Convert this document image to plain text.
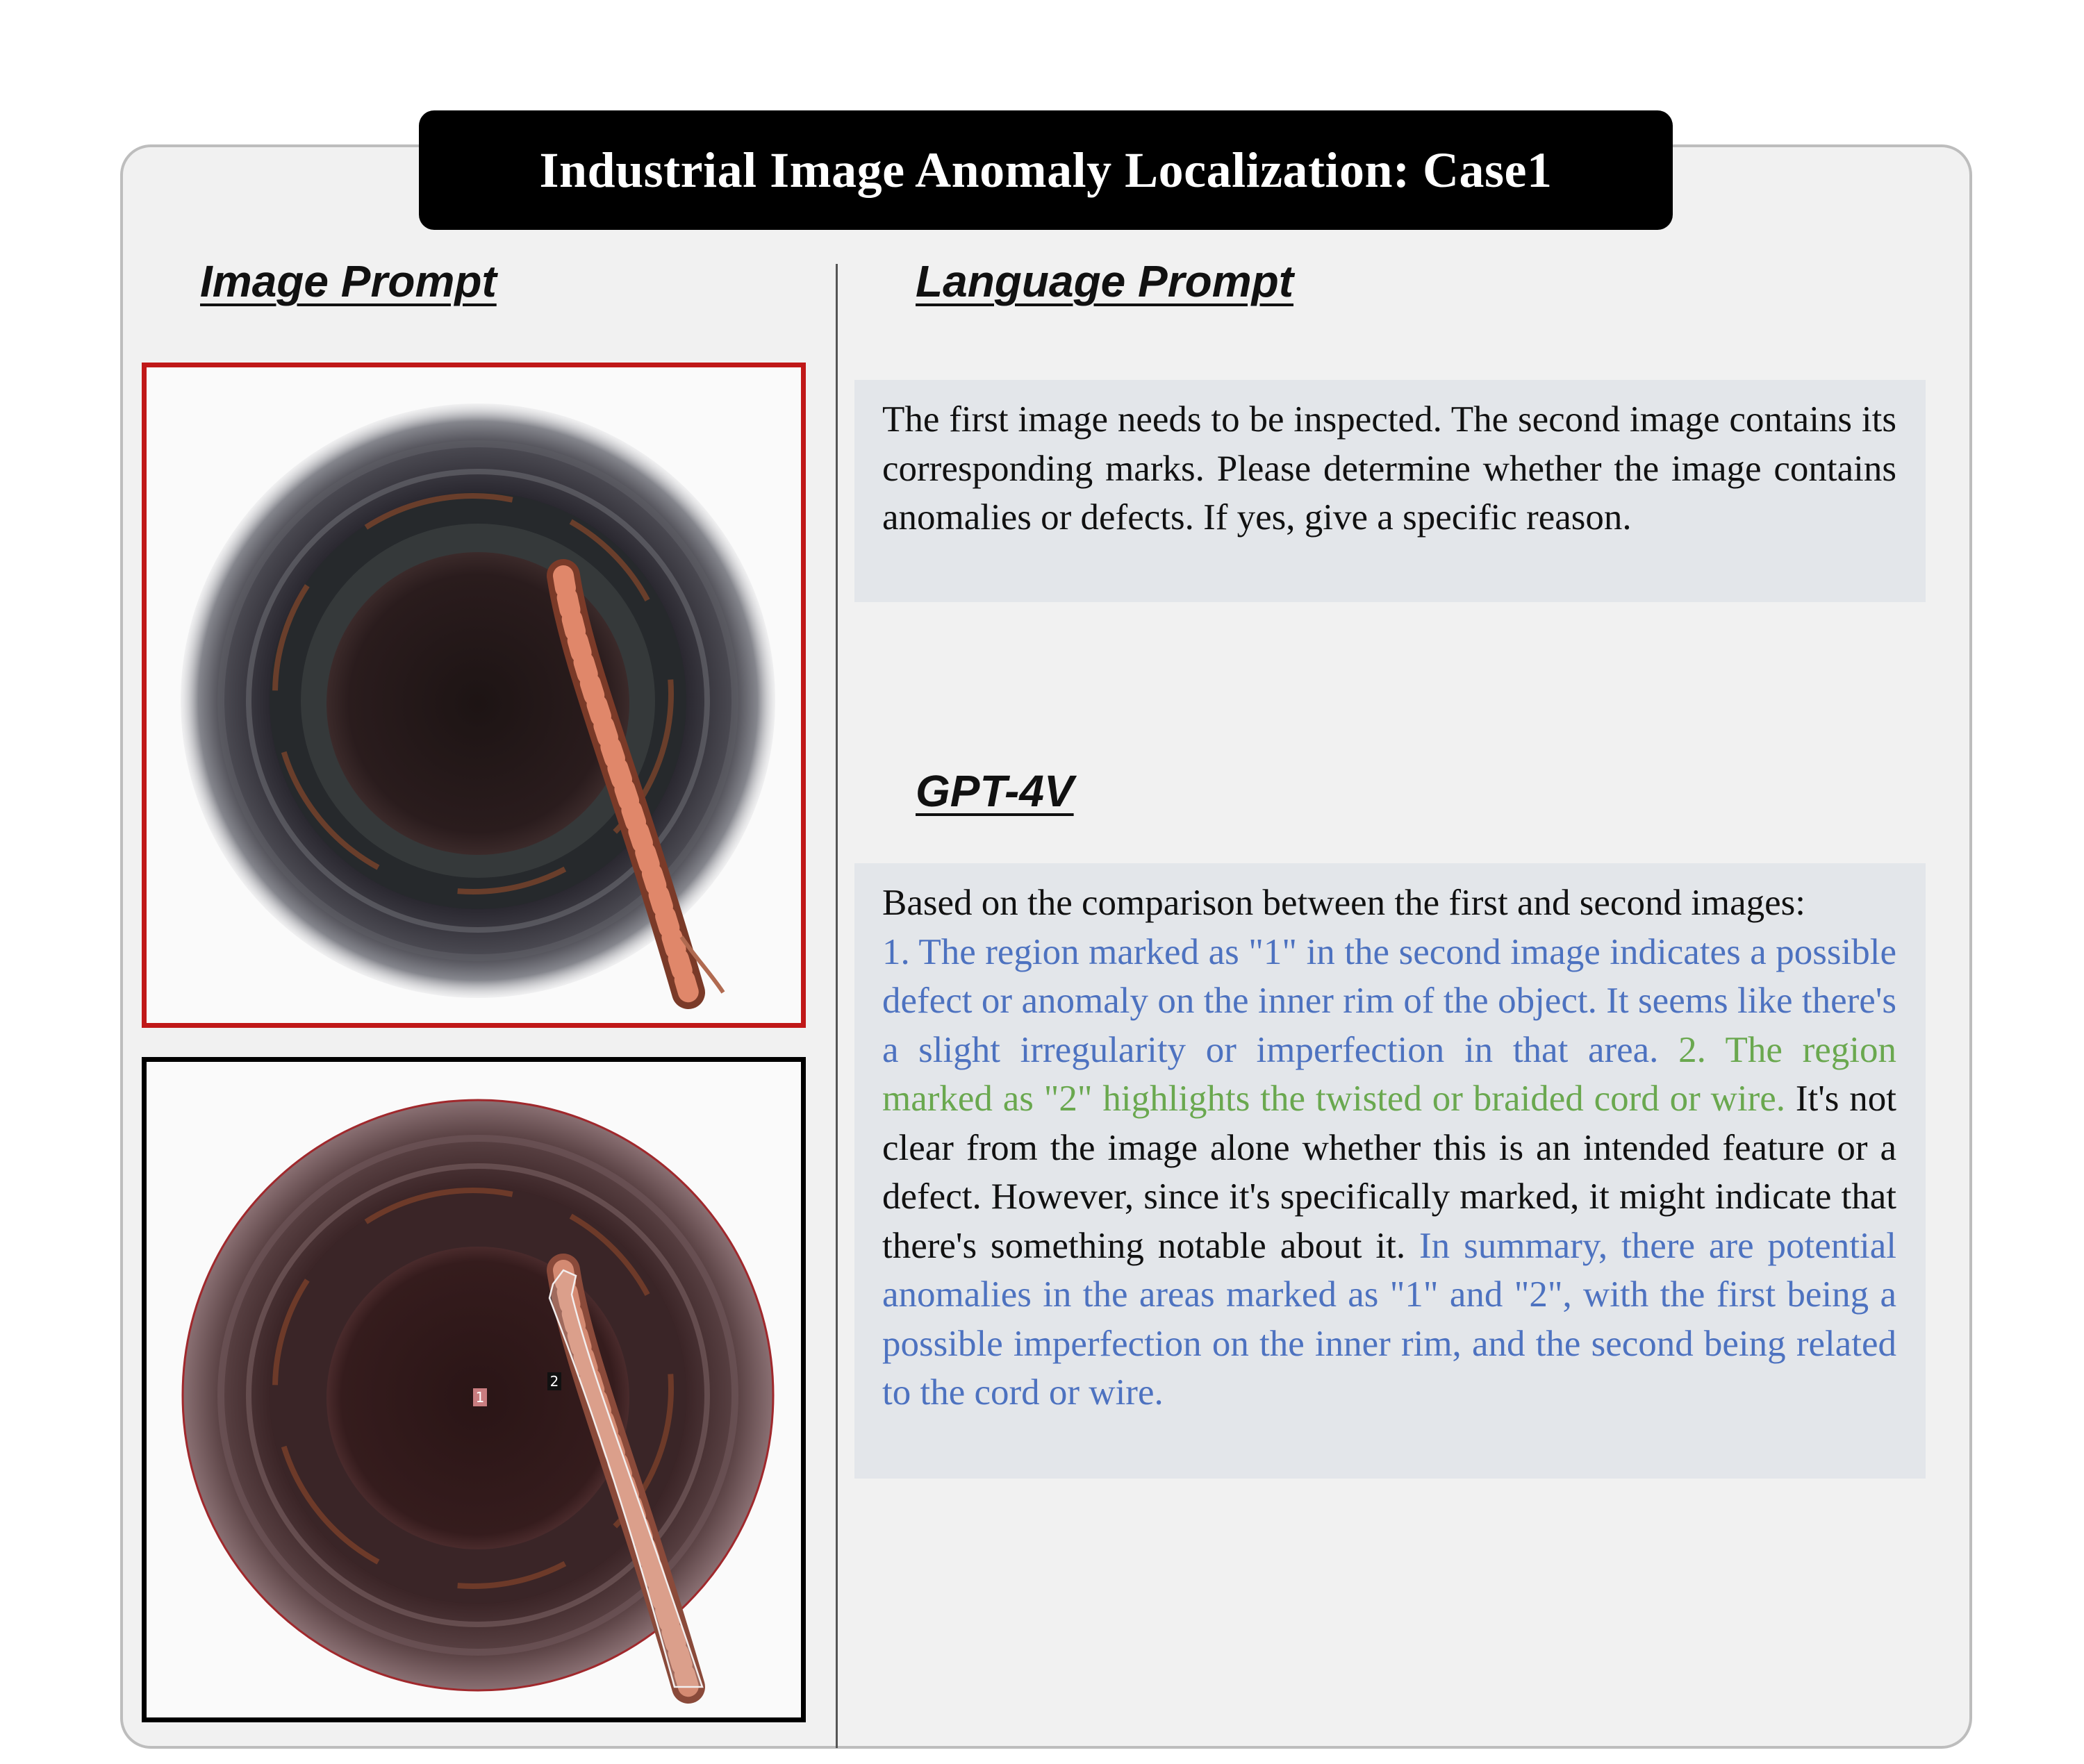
Industrial Image Anomaly Localization: Case1
Image Prompt	Language Prompt
GPT-4V
1
2
The first image needs to be inspected. The second image contains its corresponding marks. Please determine whether the image contains anomalies or defects. If yes, give a specific reason.
Based on the comparison between the first and second images:
1. The region marked as "1" in the second image indicates a possible defect or anomaly on the inner rim of the object. It seems like there's a slight irregularity or imperfection in that area. 2. The region marked as "2" highlights the twisted or braided cord or wire. It's not clear from the image alone whether this is an intended feature or a defect. However, since it's specifically marked, it might indicate that there's something notable about it. In summary, there are potential anomalies in the areas marked as "1" and "2", with the first being a possible imperfection on the inner rim, and the second being related to the cord or wire.
